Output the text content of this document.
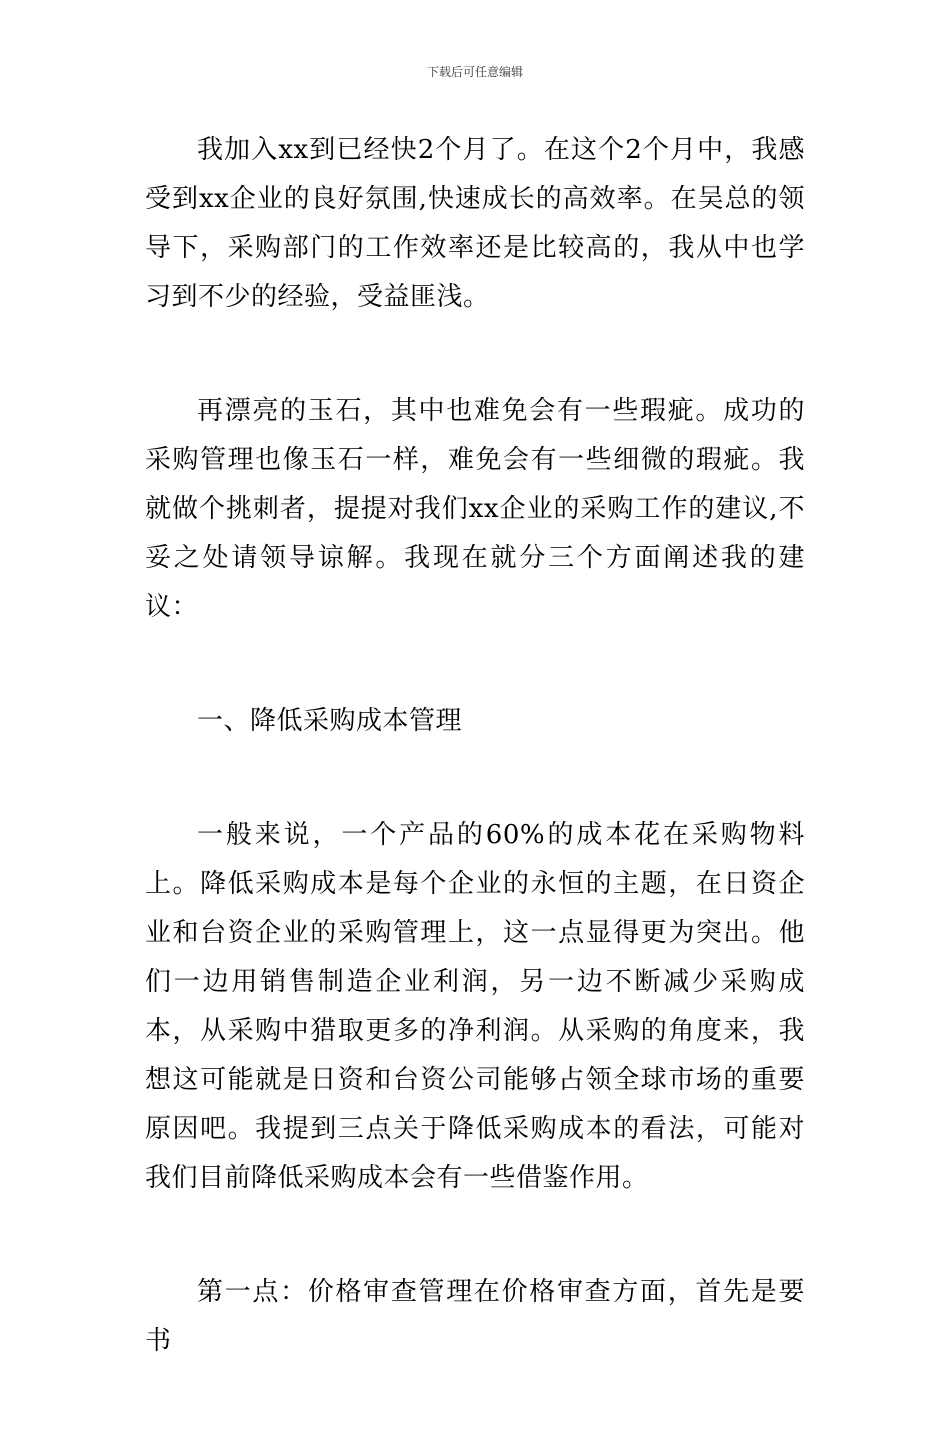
下载后可任意编辑

我加入xx到已经快2个月了。在这个2个月中，我感受到xx企业的良好氛围,快速成长的高效率。在吴总的领导下，采购部门的工作效率还是比较高的，我从中也学习到不少的经验，受益匪浅。

再漂亮的玉石，其中也难免会有一些瑕疵。成功的采购管理也像玉石一样，难免会有一些细微的瑕疵。我就做个挑刺者，提提对我们xx企业的采购工作的建议,不妥之处请领导谅解。我现在就分三个方面阐述我的建议：

一、降低采购成本管理

一般来说，一个产品的60%的成本花在采购物料上。降低采购成本是每个企业的永恒的主题，在日资企业和台资企业的采购管理上，这一点显得更为突出。他们一边用销售制造企业利润，另一边不断减少采购成本，从采购中猎取更多的净利润。从采购的角度来，我想这可能就是日资和台资公司能够占领全球市场的重要原因吧。我提到三点关于降低采购成本的看法，可能对我们目前降低采购成本会有一些借鉴作用。

第一点：价格审查管理在价格审查方面，首先是要书
